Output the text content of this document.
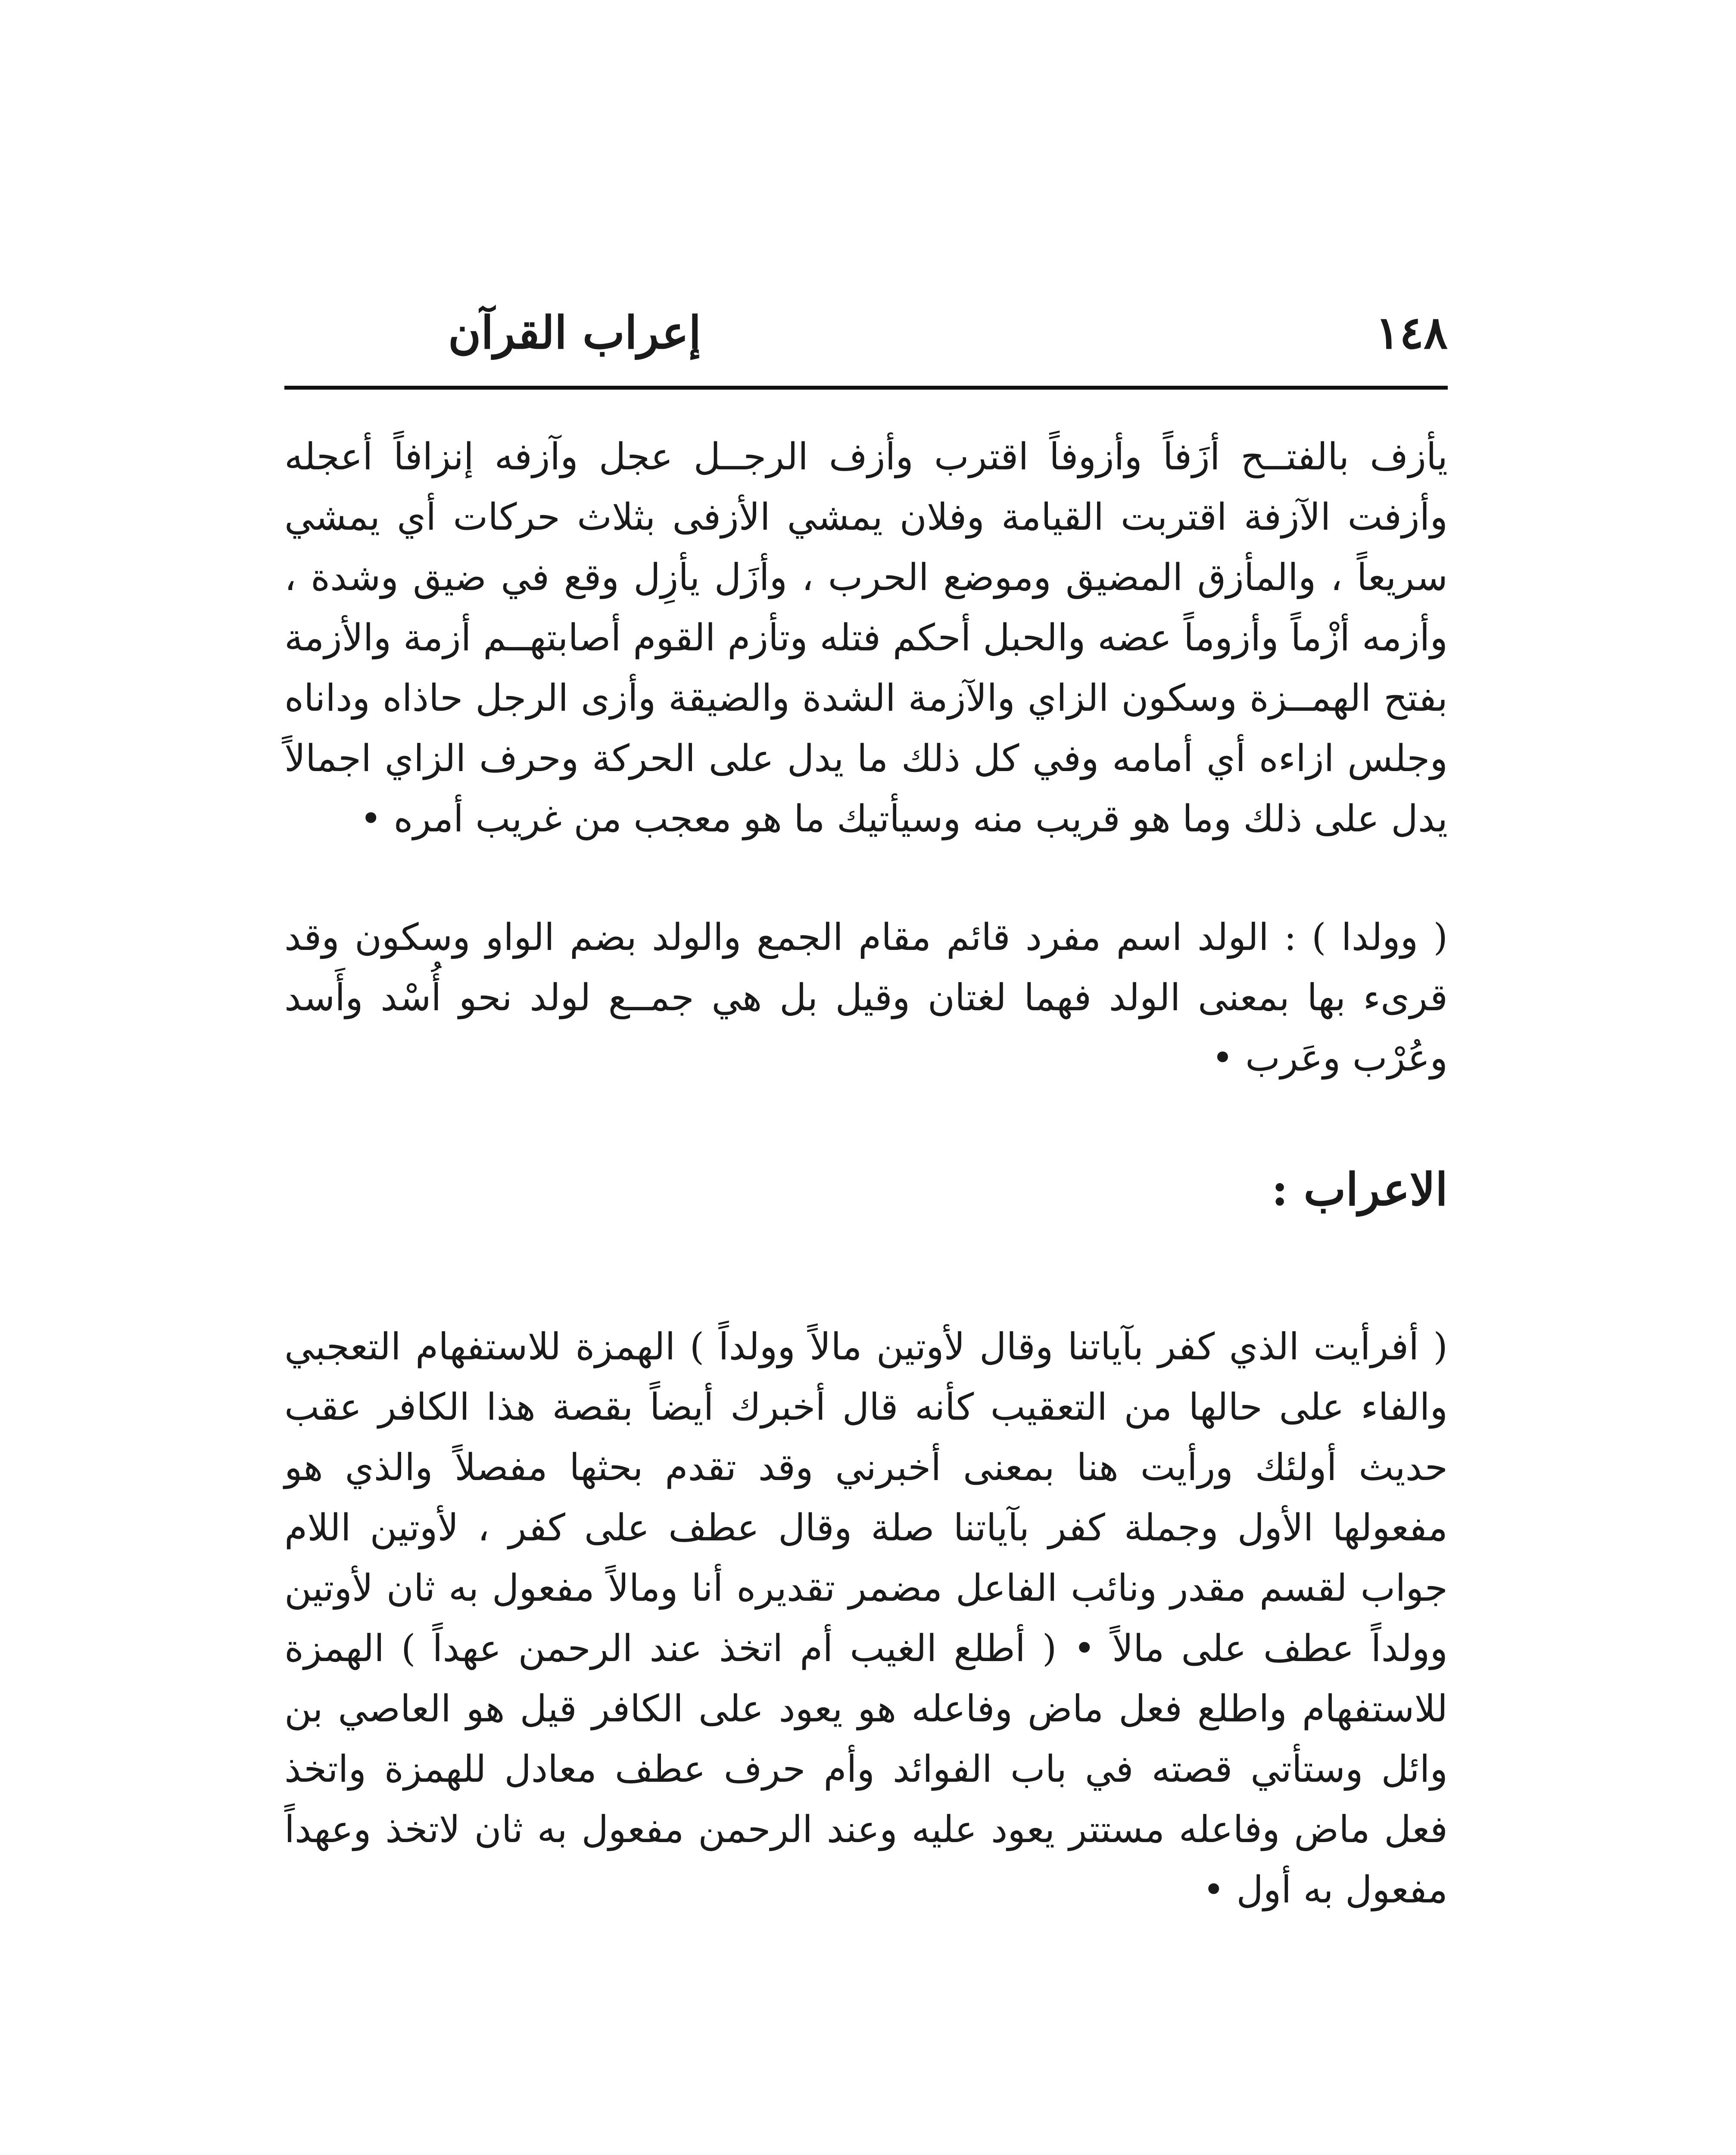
١٤٨
إعراب القرآن

يأزف بالفتــح أزَفاً وأزوفاً اقترب وأزف الرجــل عجل وآزفه إنزافاً أعجله وأزفت الآزفة اقتربت القيامة وفلان يمشي الأزفى بثلاث حركات أي يمشي سريعاً ، والمأزق المضيق وموضع الحرب ، وأزَل يأزِل وقع في ضيق وشدة ، وأزمه أزْماً وأزوماً عضه والحبل أحكم فتله وتأزم القوم أصابتهــم أزمة والأزمة بفتح الهمــزة وسكون الزاي والآزمة الشدة والضيقة وأزى الرجل حاذاه وداناه وجلس ازاءه أي أمامه وفي كل ذلك ما يدل على الحركة وحرف الزاي اجمالاً يدل على ذلك وما هو قريب منه وسيأتيك ما هو معجب من غريب أمره •

( وولدا ) : الولد اسم مفرد قائم مقام الجمع والولد بضم الواو وسكون وقد قرىء بها بمعنى الولد فهما لغتان وقيل بل هي جمــع لولد نحو أُسْد وأَسد وعُرْب وعَرب •

الاعراب :

( أفرأيت الذي كفر بآياتنا وقال لأوتين مالاً وولداً ) الهمزة للاستفهام التعجبي والفاء على حالها من التعقيب كأنه قال أخبرك أيضاً بقصة هذا الكافر عقب حديث أولئك ورأيت هنا بمعنى أخبرني وقد تقدم بحثها مفصلاً والذي هو مفعولها الأول وجملة كفر بآياتنا صلة وقال عطف على كفر ، لأوتين اللام جواب لقسم مقدر ونائب الفاعل مضمر تقديره أنا ومالاً مفعول به ثان لأوتين وولداً عطف على مالاً • ( أطلع الغيب أم اتخذ عند الرحمن عهداً ) الهمزة للاستفهام واطلع فعل ماض وفاعله هو يعود على الكافر قيل هو العاصي بن وائل وستأتي قصته في باب الفوائد وأم حرف عطف معادل للهمزة واتخذ فعل ماض وفاعله مستتر يعود عليه وعند الرحمن مفعول به ثان لاتخذ وعهداً مفعول به أول •
